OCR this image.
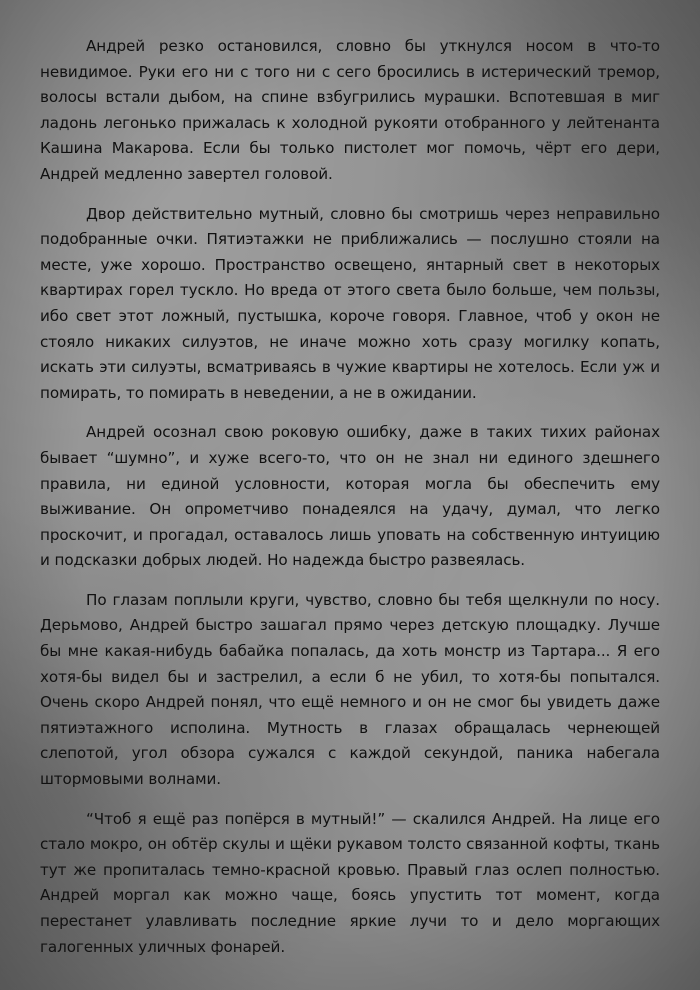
Андрей резко остановился, словно бы уткнулся носом в что-то невидимое. Руки его ни с того ни с сего бросились в истерический тремор, волосы встали дыбом, на спине взбугрились мурашки. Вспотевшая в миг ладонь легонько прижалась к холодной рукояти отобранного у лейтенанта Кашина Макарова. Если бы только пистолет мог помочь, чёрт его дери, Андрей медленно завертел головой.

Двор действительно мутный, словно бы смотришь через неправильно подобранные очки. Пятиэтажки не приближались — послушно стояли на месте, уже хорошо. Пространство освещено, янтарный свет в некоторых квартирах горел тускло. Но вреда от этого света было больше, чем пользы, ибо свет этот ложный, пустышка, короче говоря. Главное, чтоб у окон не стояло никаких силуэтов, не иначе можно хоть сразу могилку копать, искать эти силуэты, всматриваясь в чужие квартиры не хотелось. Если уж и помирать, то помирать в неведении, а не в ожидании.

Андрей осознал свою роковую ошибку, даже в таких тихих районах бывает “шумно”, и хуже всего-то, что он не знал ни единого здешнего правила, ни единой условности, которая могла бы обеспечить ему выживание. Он опрометчиво понадеялся на удачу, думал, что легко проскочит, и прогадал, оставалось лишь уповать на собственную интуицию и подсказки добрых людей. Но надежда быстро развеялась.

По глазам поплыли круги, чувство, словно бы тебя щелкнули по носу. Дерьмово, Андрей быстро зашагал прямо через детскую площадку. Лучше бы мне какая-нибудь бабайка попалась, да хоть монстр из Тартара... Я его хотя-бы видел бы и застрелил, а если б не убил, то хотя-бы попытался. Очень скоро Андрей понял, что ещё немного и он не смог бы увидеть даже пятиэтажного исполина. Мутность в глазах обращалась чернеющей слепотой, угол обзора сужался с каждой секундой, паника набегала штормовыми волнами.

“Чтоб я ещё раз попёрся в мутный!” — скалился Андрей. На лице его стало мокро, он обтёр скулы и щёки рукавом толсто связанной кофты, ткань тут же пропиталась темно-красной кровью. Правый глаз ослеп полностью. Андрей моргал как можно чаще, боясь упустить тот момент, когда перестанет улавливать последние яркие лучи то и дело моргающих галогенных уличных фонарей.
